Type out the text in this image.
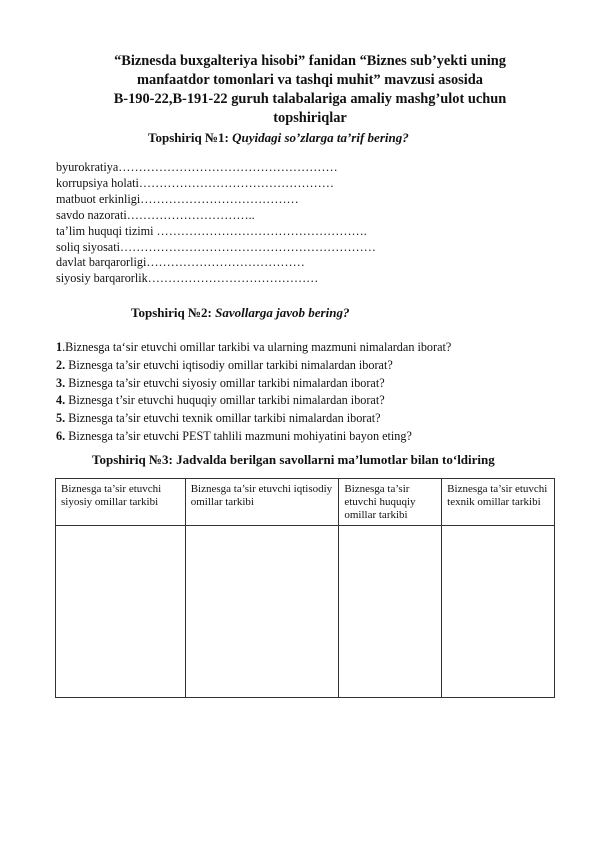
“Biznesda buxgalteriya hisobi” fanidan “Biznes sub’yekti uning
manfaatdor tomonlari va tashqi muhit” mavzusi asosida
B-190-22,B-191-22 guruh talabalariga amaliy mashg’ulot uchun
topshiriqlar
Topshiriq №1: Quyidagi so’zlarga ta’rif bering?
byurokratiya………………………………………………
korrupsiya holati…………………………………………
matbuot erkinligi…………………………………
savdo nazorati…………………………..
ta’lim huquqi tizimi …………………………………………….
soliq siyosati………………………………………………………
davlat barqarorligi…………………………………
siyosiy barqarorlik……………………………………
Topshiriq №2: Savollarga javob bering?
1.Biznesga ta‘sir etuvchi omillar tarkibi va ularning mazmuni nimalardan iborat?
2. Biznesga ta’sir etuvchi iqtisodiy omillar tarkibi nimalardan iborat?
3. Biznesga ta’sir etuvchi siyosiy omillar tarkibi nimalardan iborat?
4. Biznesga t’sir etuvchi huquqiy omillar tarkibi nimalardan iborat?
5. Biznesga ta’sir etuvchi texnik omillar tarkibi nimalardan iborat?
6. Biznesga ta’sir etuvchi PEST tahlili mazmuni mohiyatini bayon eting?
Topshiriq №3: Jadvalda berilgan savollarni ma’lumotlar bilan to‘ldiring
Biznesga ta’sir etuvchi siyosiy omillar tarkibi	Biznesga ta’sir etuvchi iqtisodiy omillar tarkibi	Biznesga ta’sir etuvchi huquqiy omillar tarkibi	Biznesga ta’sir etuvchi texnik omillar tarkibi
